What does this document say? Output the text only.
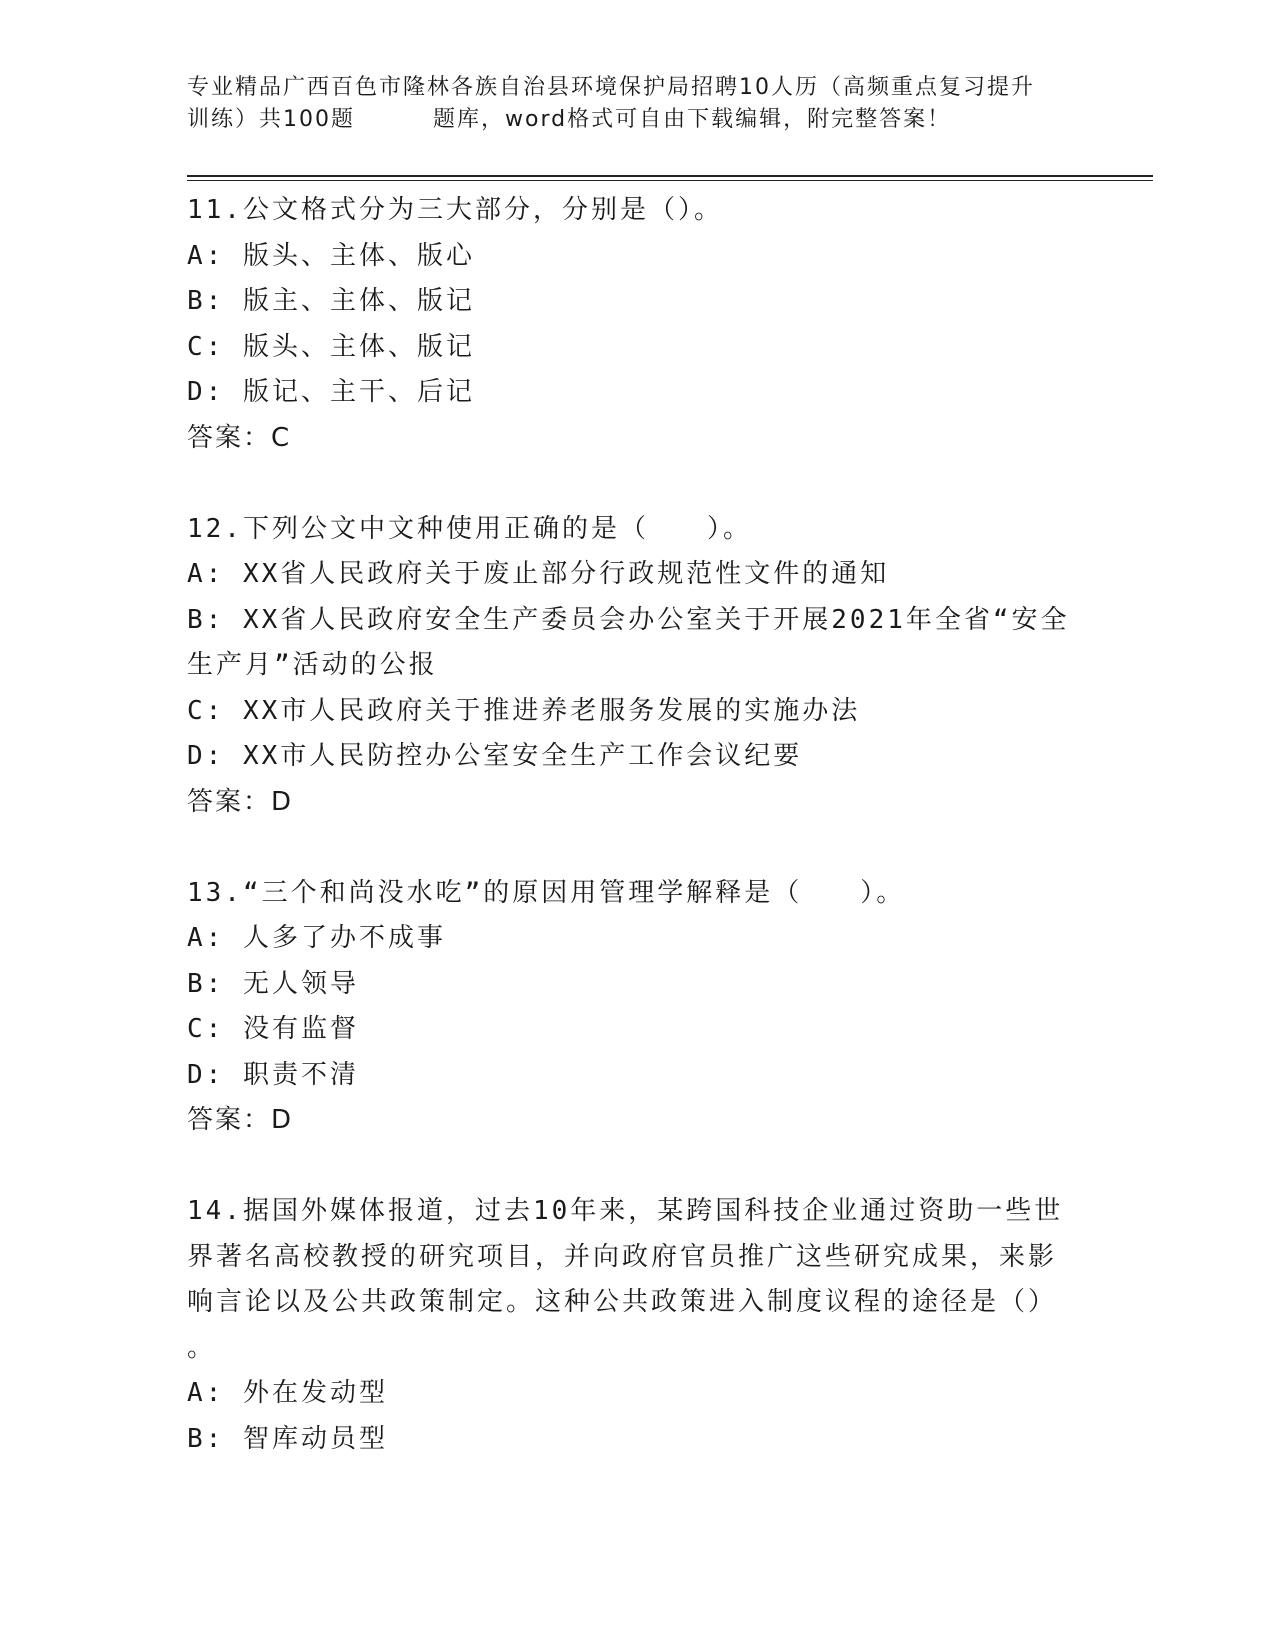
专业精品广西百色市隆林各族自治县环境保护局招聘10人历（高频重点复习提升
训练）共100题	题库，word格式可自由下载编辑，附完整答案！
11.公文格式分为三大部分，分别是（）。
A: 版头、主体、版心
B: 版主、主体、版记
C: 版头、主体、版记
D: 版记、主干、后记
答案：C
12.下列公文中文种使用正确的是（　　）。
A: XX省人民政府关于废止部分行政规范性文件的通知
B: XX省人民政府安全生产委员会办公室关于开展2021年全省“安全
生产月”活动的公报
C: XX市人民政府关于推进养老服务发展的实施办法
D: XX市人民防控办公室安全生产工作会议纪要
答案：D
13.“三个和尚没水吃”的原因用管理学解释是（　　）。
A: 人多了办不成事
B: 无人领导
C: 没有监督
D: 职责不清
答案：D
14.据国外媒体报道，过去10年来，某跨国科技企业通过资助一些世
界著名高校教授的研究项目，并向政府官员推广这些研究成果，来影
响言论以及公共政策制定。这种公共政策进入制度议程的途径是（）
。
A: 外在发动型
B: 智库动员型
